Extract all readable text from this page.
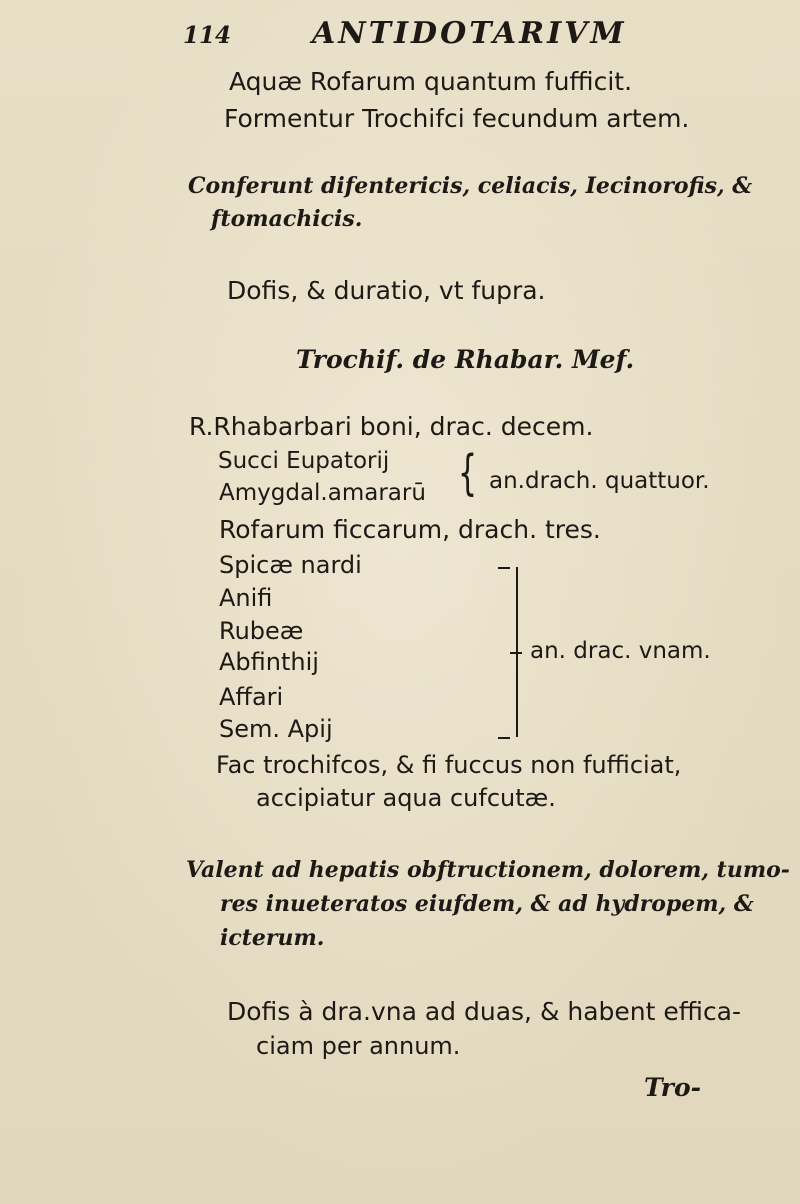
114	ANTIDOTARIVM
Aquæ Rofarum quantum fufficit.
Formentur Trochifci fecundum artem.
Conferunt difentericis, celiacis, Iecinorofis, &
ftomachicis.
Dofis, & duratio, vt fupra.
Trochif. de Rhabar. Mef.
R.Rhabarbari boni, drac. decem.
Succi Eupatorij
Amygdal.amararū { an.drach. quattuor.
Rofarum ficcarum, drach. tres.
Spicæ nardi
Anifi
Rubeæ
Abfinthij
Affari
Sem. Apij
an. drac. vnam.
Fac trochifcos, & fi fuccus non fufficiat,
accipiatur aqua cufcutæ.
Valent ad hepatis obftructionem, dolorem, tumo-
res inueteratos eiufdem, & ad hydropem, &
icterum.
Dofis à dra.vna ad duas, & habent effica-
ciam per annum.
Tro-
